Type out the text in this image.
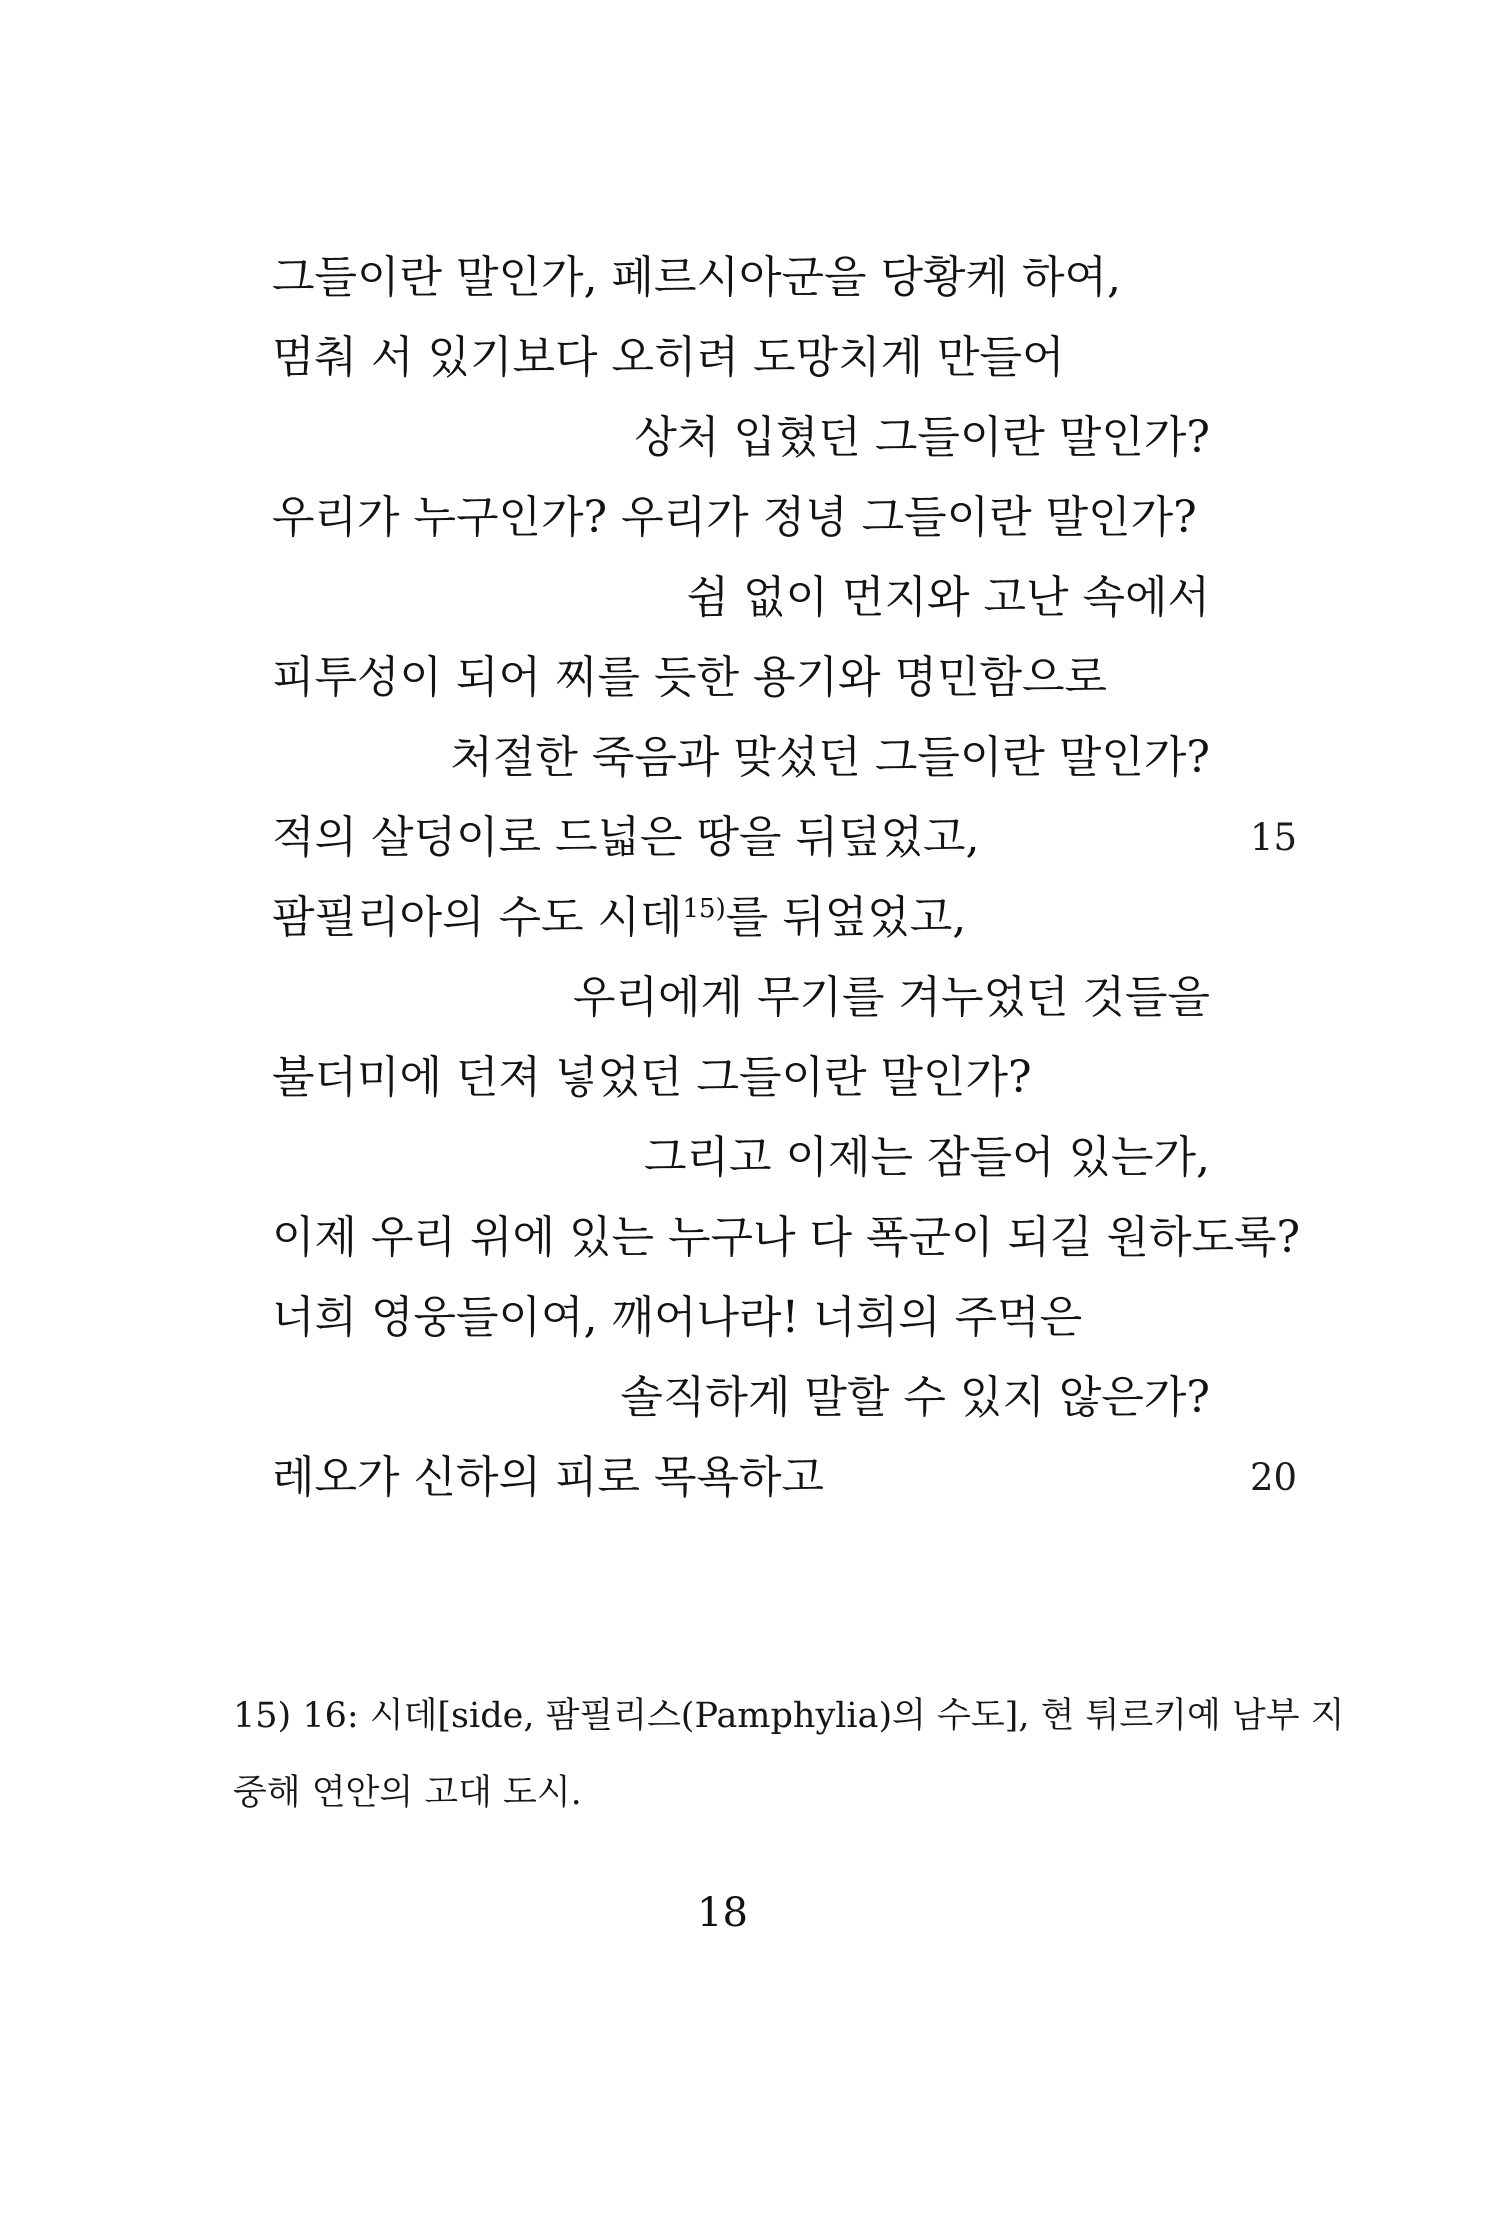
그들이란 말인가, 페르시아군을 당황케 하여,
멈춰 서 있기보다 오히려 도망치게 만들어
상처 입혔던 그들이란 말인가?
우리가 누구인가? 우리가 정녕 그들이란 말인가?
쉼 없이 먼지와 고난 속에서
피투성이 되어 찌를 듯한 용기와 명민함으로
처절한 죽음과 맞섰던 그들이란 말인가?
적의 살덩이로 드넓은 땅을 뒤덮었고,	15
팜필리아의 수도 시데$^{15)}$를 뒤엎었고,
우리에게 무기를 겨누었던 것들을
불더미에 던져 넣었던 그들이란 말인가?
그리고 이제는 잠들어 있는가,
이제 우리 위에 있는 누구나 다 폭군이 되길 원하도록?
너희 영웅들이여, 깨어나라! 너희의 주먹은
솔직하게 말할 수 있지 않은가?
레오가 신하의 피로 목욕하고	20
15) 16: 시데[side, 팜필리스(Pamphylia)의 수도], 현 튀르키예 남부 지
중해 연안의 고대 도시.
18
